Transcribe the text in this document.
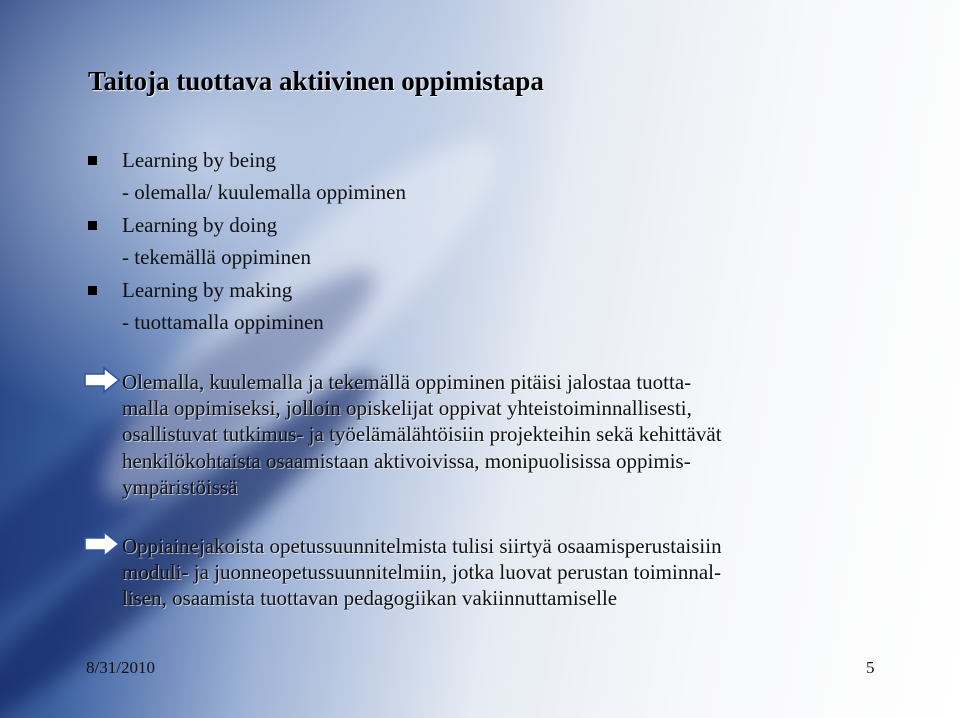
Taitoja tuottava aktiivinen oppimistapa
Learning by being
- olemalla/ kuulemalla oppiminen
Learning by doing
- tekemällä oppiminen
Learning by making
- tuottamalla oppiminen
Olemalla, kuulemalla ja tekemällä oppiminen pitäisi jalostaa tuotta-
malla oppimiseksi, jolloin opiskelijat oppivat yhteistoiminnallisesti,
osallistuvat tutkimus- ja työelämälähtöisiin projekteihin sekä kehittävät
henkilökohtaista osaamistaan aktivoivissa, monipuolisissa oppimis-
ympäristöissä
Oppiainejakoista opetussuunnitelmista tulisi siirtyä osaamisperustaisiin
moduli- ja juonneopetussuunnitelmiin, jotka luovat perustan toiminnal-
lisen, osaamista tuottavan pedagogiikan vakiinnuttamiselle
8/31/2010	5
